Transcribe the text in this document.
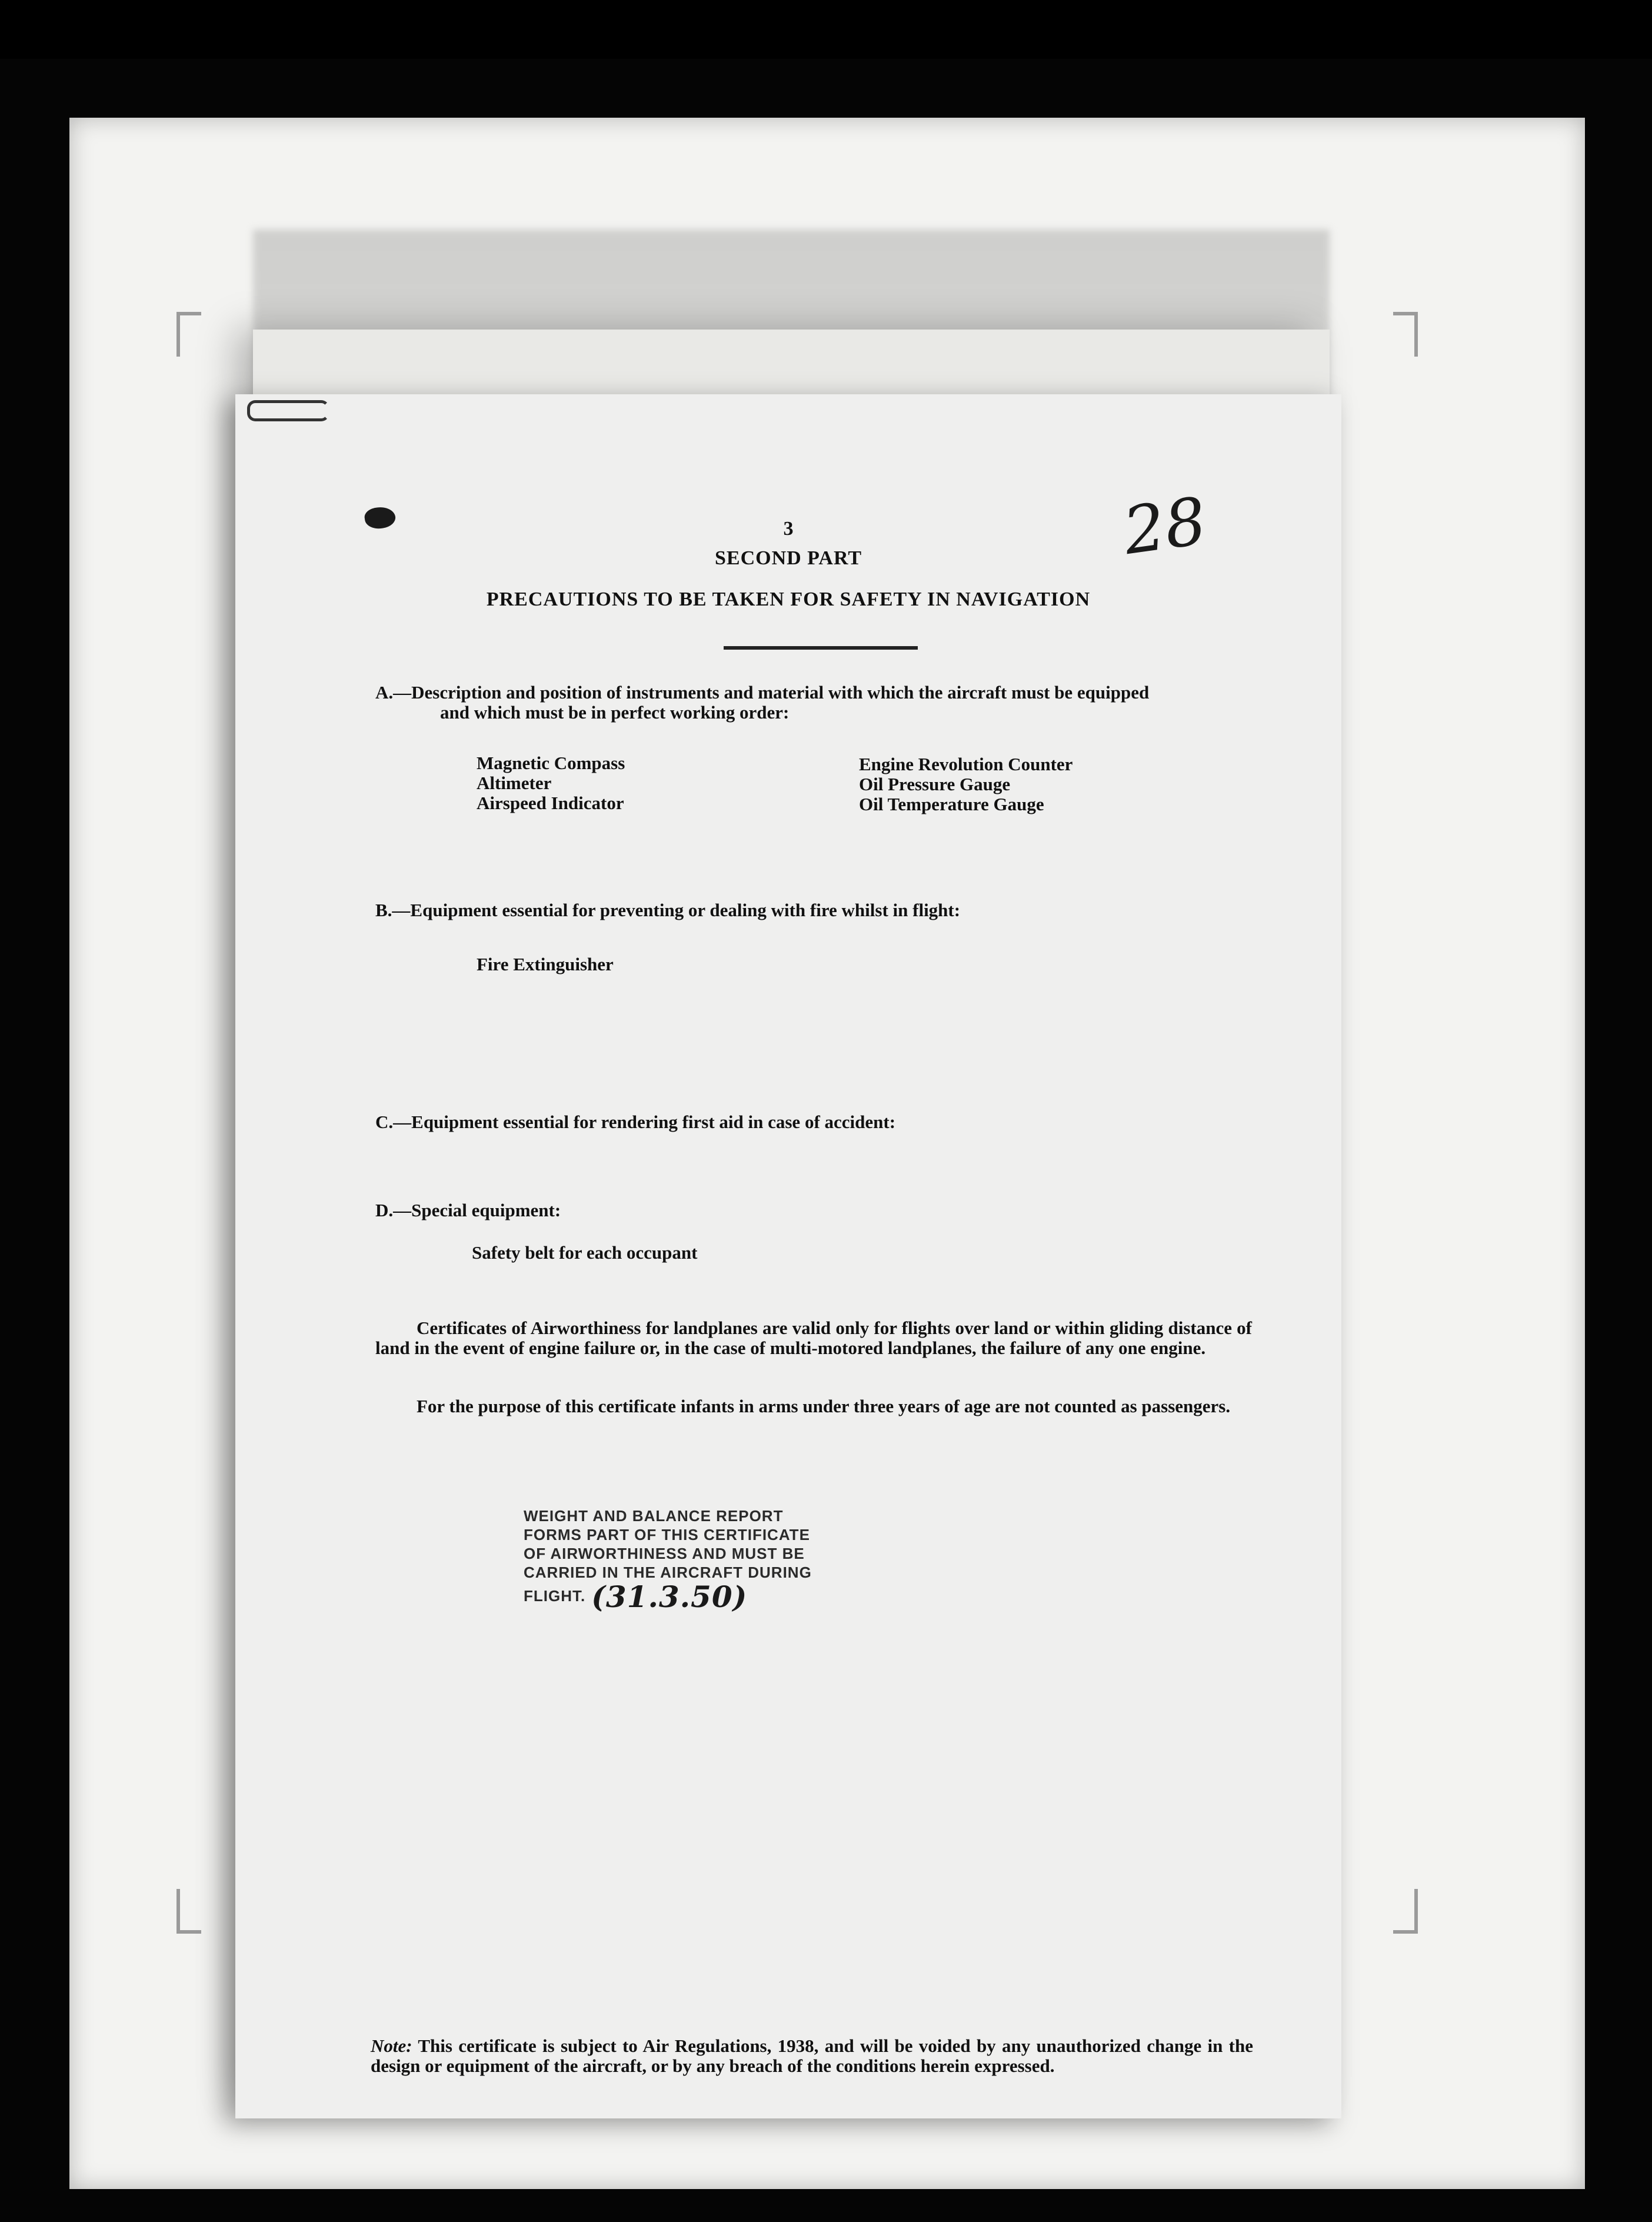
3
SECOND PART
PRECAUTIONS TO BE TAKEN FOR SAFETY IN NAVIGATION
28
A.—Description and position of instruments and material with which the aircraft must be equipped
and which must be in perfect working order:
Magnetic Compass
Altimeter
Airspeed Indicator
Engine Revolution Counter
Oil Pressure Gauge
Oil Temperature Gauge
B.—Equipment essential for preventing or dealing with fire whilst in flight:
Fire Extinguisher
C.—Equipment essential for rendering first aid in case of accident:
D.—Special equipment:
Safety belt for each occupant
Certificates of Airworthiness for landplanes are valid only for flights over land or within gliding distance of land in the event of engine failure or, in the case of multi-motored landplanes, the failure of any one engine.
For the purpose of this certificate infants in arms under three years of age are not counted as passengers.
WEIGHT AND BALANCE REPORT
FORMS PART OF THIS CERTIFICATE
OF AIRWORTHINESS AND MUST BE
CARRIED IN THE AIRCRAFT DURING
FLIGHT. (31.3.50)
Note: This certificate is subject to Air Regulations, 1938, and will be voided by any unauthorized change in the design or equipment of the aircraft, or by any breach of the conditions herein expressed.
